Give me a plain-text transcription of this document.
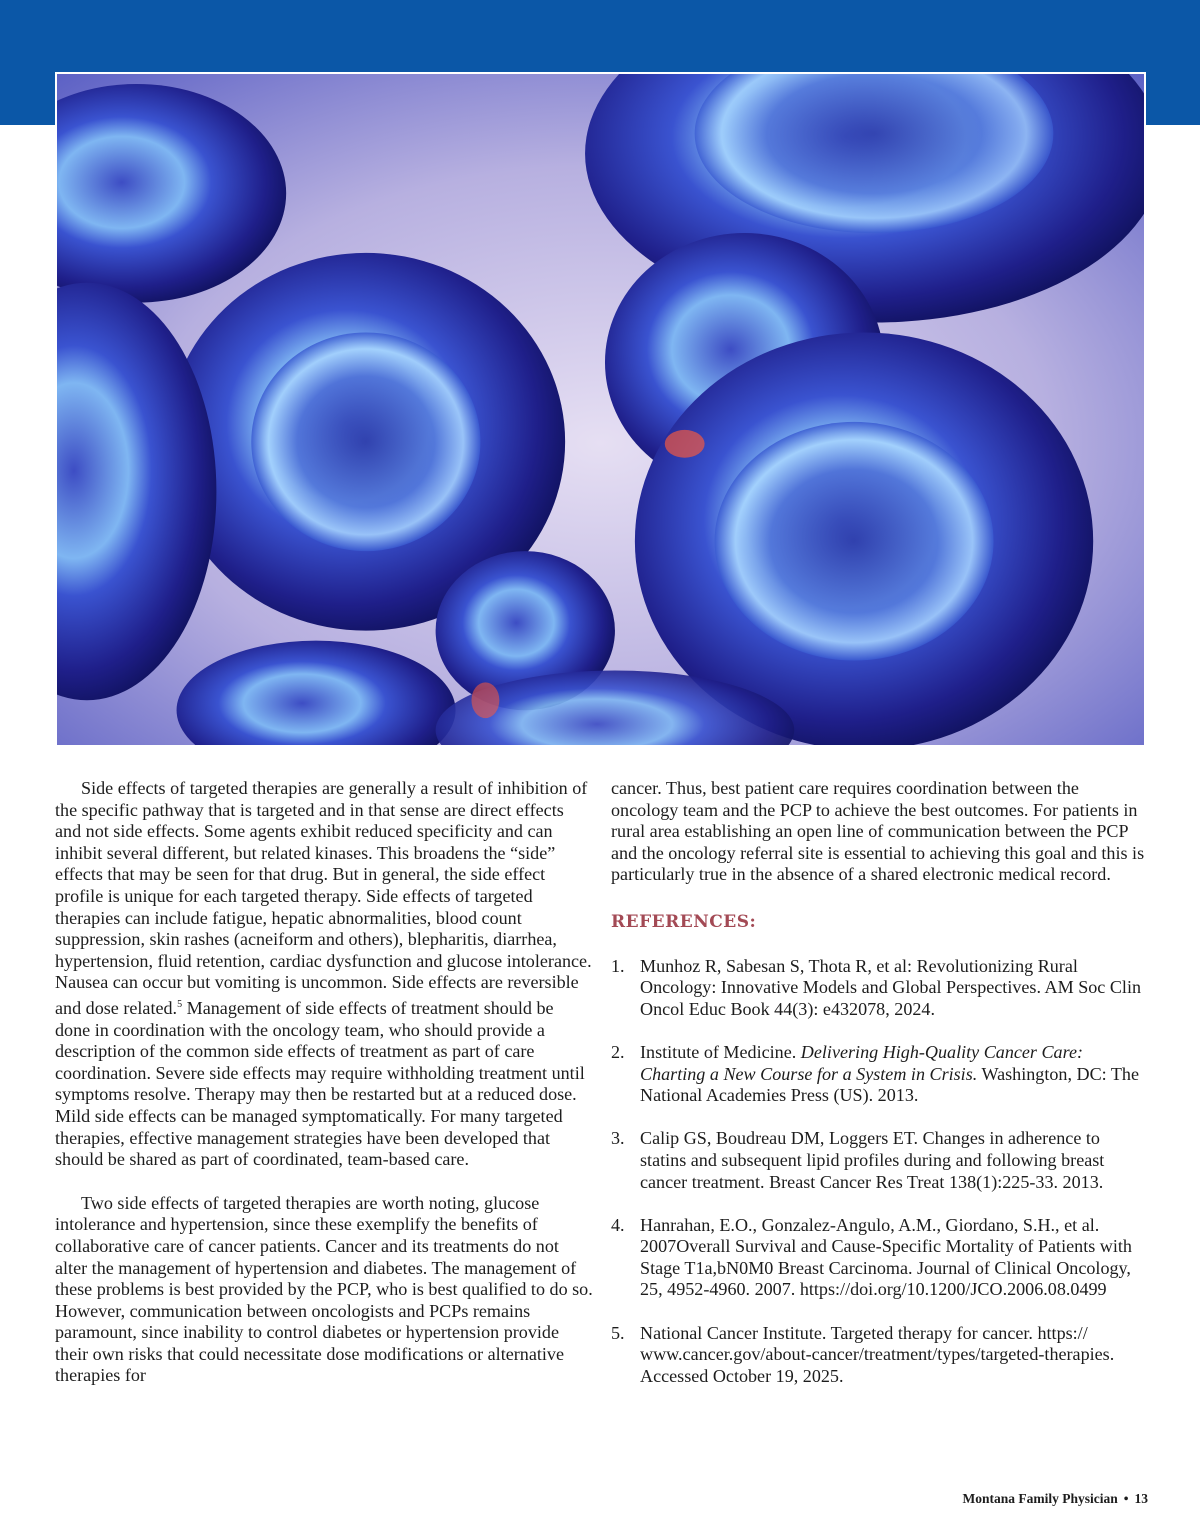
Side effects of targeted therapies are generally a result of inhibition of the specific pathway that is targeted and in that sense are direct effects and not side effects. Some agents exhibit reduced specificity and can inhibit several different, but related kinases. This broadens the “side” effects that may be seen for that drug. But in general, the side effect profile is unique for each targeted therapy. Side effects of targeted therapies can include fatigue, hepatic abnormalities, blood count suppression, skin rashes (acneiform and others), blepharitis, diarrhea, hypertension, fluid retention, cardiac dysfunction and glucose intolerance. Nausea can occur but vomiting is uncommon. Side effects are reversible and dose related.$^5$ Management of side effects of treatment should be done in coordination with the oncology team, who should provide a description of the common side effects of treatment as part of care coordination. Severe side effects may require withholding treatment until symptoms resolve. Therapy may then be restarted but at a reduced dose. Mild side effects can be managed symptomatically. For many targeted therapies, effective management strategies have been developed that should be shared as part of coordinated, team-based care.

Two side effects of targeted therapies are worth noting, glucose intolerance and hypertension, since these exemplify the benefits of collaborative care of cancer patients. Cancer and its treatments do not alter the management of hypertension and diabetes. The management of these problems is best provided by the PCP, who is best qualified to do so. However, communication between oncologists and PCPs remains paramount, since inability to control diabetes or hypertension provide their own risks that could necessitate dose modifications or alternative therapies for

cancer. Thus, best patient care requires coordination between the oncology team and the PCP to achieve the best outcomes. For patients in rural area establishing an open line of communication between the PCP and the oncology referral site is essential to achieving this goal and this is particularly true in the absence of a shared electronic medical record.

REFERENCES:
1. Munhoz R, Sabesan S, Thota R, et al: Revolutionizing Rural Oncology: Innovative Models and Global Perspectives. AM Soc Clin Oncol Educ Book 44(3): e432078, 2024.
2. Institute of Medicine. Delivering High-Quality Cancer Care: Charting a New Course for a System in Crisis. Washington, DC: The National Academies Press (US). 2013.
3. Calip GS, Boudreau DM, Loggers ET. Changes in adherence to statins and subsequent lipid profiles during and following breast cancer treatment. Breast Cancer Res Treat 138(1):225-33. 2013.
4. Hanrahan, E.O., Gonzalez-Angulo, A.M., Giordano, S.H., et al. 2007Overall Survival and Cause-Specific Mortality of Patients with Stage T1a,bN0M0 Breast Carcinoma. Journal of Clinical Oncology, 25, 4952-4960. 2007. https://doi.org/10.1200/JCO.2006.08.0499
5. National Cancer Institute. Targeted therapy for cancer. https:// www.cancer.gov/about-cancer/treatment/types/targeted-therapies. Accessed October 19, 2025.
Montana Family Physician • 13
